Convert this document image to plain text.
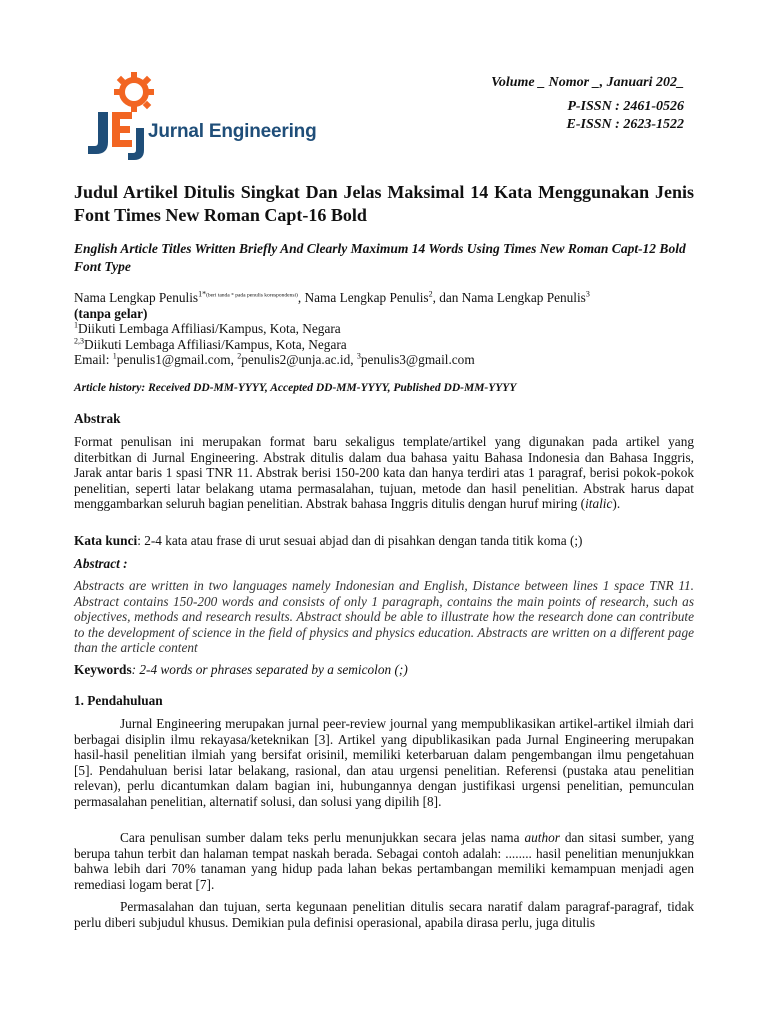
Jurnal Engineering
Volume _ Nomor _, Januari 202_
P-ISSN : 2461-0526
E-ISSN : 2623-1522
Judul Artikel Ditulis Singkat Dan Jelas Maksimal 14 Kata Menggunakan Jenis Font Times New Roman Capt-16 Bold
English Article Titles Written Briefly And Clearly Maximum 14 Words Using Times New Roman Capt-12 Bold Font Type
Nama Lengkap Penulis$^{1*(beri tanda * pada penulis korespondensi)}$, Nama Lengkap Penulis$^2$, dan Nama Lengkap Penulis$^3$
(tanpa gelar)
$^1$Diikuti Lembaga Affiliasi/Kampus, Kota, Negara
$^{2,3}$Diikuti Lembaga Affiliasi/Kampus, Kota, Negara
Email: $^1$penulis1@gmail.com, $^2$penulis2@unja.ac.id, $^3$penulis3@gmail.com
Article history: Received DD-MM-YYYY, Accepted DD-MM-YYYY, Published DD-MM-YYYY
Abstrak
Format penulisan ini merupakan format baru sekaligus template/artikel yang digunakan pada artikel yang diterbitkan di Jurnal Engineering. Abstrak ditulis dalam dua bahasa yaitu Bahasa Indonesia dan Bahasa Inggris, Jarak antar baris 1 spasi TNR 11. Abstrak berisi 150-200 kata dan hanya terdiri atas 1 paragraf, berisi pokok-pokok penelitian, seperti latar belakang utama permasalahan, tujuan, metode dan hasil penelitian. Abstrak harus dapat menggambarkan seluruh bagian penelitian. Abstrak bahasa Inggris ditulis dengan huruf miring (italic).
Kata kunci: 2-4 kata atau frase di urut sesuai abjad dan di pisahkan dengan tanda titik koma (;)
Abstract :
Abstracts are written in two languages namely Indonesian and English, Distance between lines 1 space TNR 11. Abstract contains 150-200 words and consists of only 1 paragraph, contains the main points of research, such as objectives, methods and research results. Abstract should be able to illustrate how the research done can contribute to the development of science in the field of physics and physics education. Abstracts are written on a different page than the article content
Keywords: 2-4 words or phrases separated by a semicolon (;)
1. Pendahuluan
Jurnal Engineering merupakan jurnal peer-review journal yang mempublikasikan artikel-artikel ilmiah dari berbagai disiplin ilmu rekayasa/keteknikan [3]. Artikel yang dipublikasikan pada Jurnal Engineering merupakan hasil-hasil penelitian ilmiah yang bersifat orisinil, memiliki keterbaruan dalam pengembangan ilmu pengetahuan [5]. Pendahuluan berisi latar belakang, rasional, dan atau urgensi penelitian. Referensi (pustaka atau penelitian relevan), perlu dicantumkan dalam bagian ini, hubungannya dengan justifikasi urgensi penelitian, pemunculan permasalahan penelitian, alternatif solusi, dan solusi yang dipilih [8].
Cara penulisan sumber dalam teks perlu menunjukkan secara jelas nama author dan sitasi sumber, yang berupa tahun terbit dan halaman tempat naskah berada. Sebagai contoh adalah: ........ hasil penelitian menunjukkan bahwa lebih dari 70% tanaman yang hidup pada lahan bekas pertambangan memiliki kemampuan menjadi agen remediasi logam berat [7].
Permasalahan dan tujuan, serta kegunaan penelitian ditulis secara naratif dalam paragraf-paragraf, tidak perlu diberi subjudul khusus. Demikian pula definisi operasional, apabila dirasa perlu, juga ditulis
